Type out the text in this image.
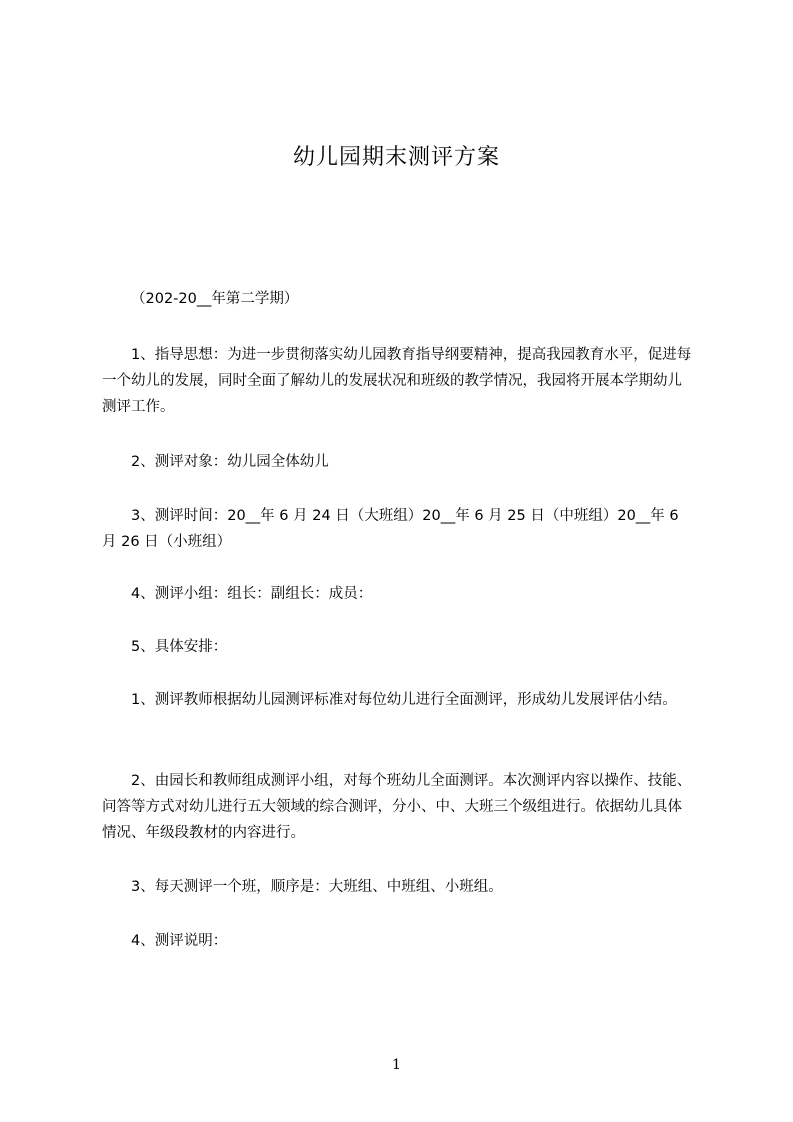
幼儿园期末测评方案

（202-20__年第二学期）

1、指导思想：为进一步贯彻落实幼儿园教育指导纲要精神，提高我园教育水平，促进每一个幼儿的发展，同时全面了解幼儿的发展状况和班级的教学情况，我园将开展本学期幼儿测评工作。

2、测评对象：幼儿园全体幼儿

3、测评时间：20__年 6 月 24 日（大班组）20__年 6 月 25 日（中班组）20__年 6 月 26 日（小班组）

4、测评小组：组长：副组长：成员：

5、具体安排：

1、测评教师根据幼儿园测评标准对每位幼儿进行全面测评，形成幼儿发展评估小结。

2、由园长和教师组成测评小组，对每个班幼儿全面测评。本次测评内容以操作、技能、问答等方式对幼儿进行五大领域的综合测评，分小、中、大班三个级组进行。依据幼儿具体情况、年级段教材的内容进行。

3、每天测评一个班，顺序是：大班组、中班组、小班组。

4、测评说明：

1
